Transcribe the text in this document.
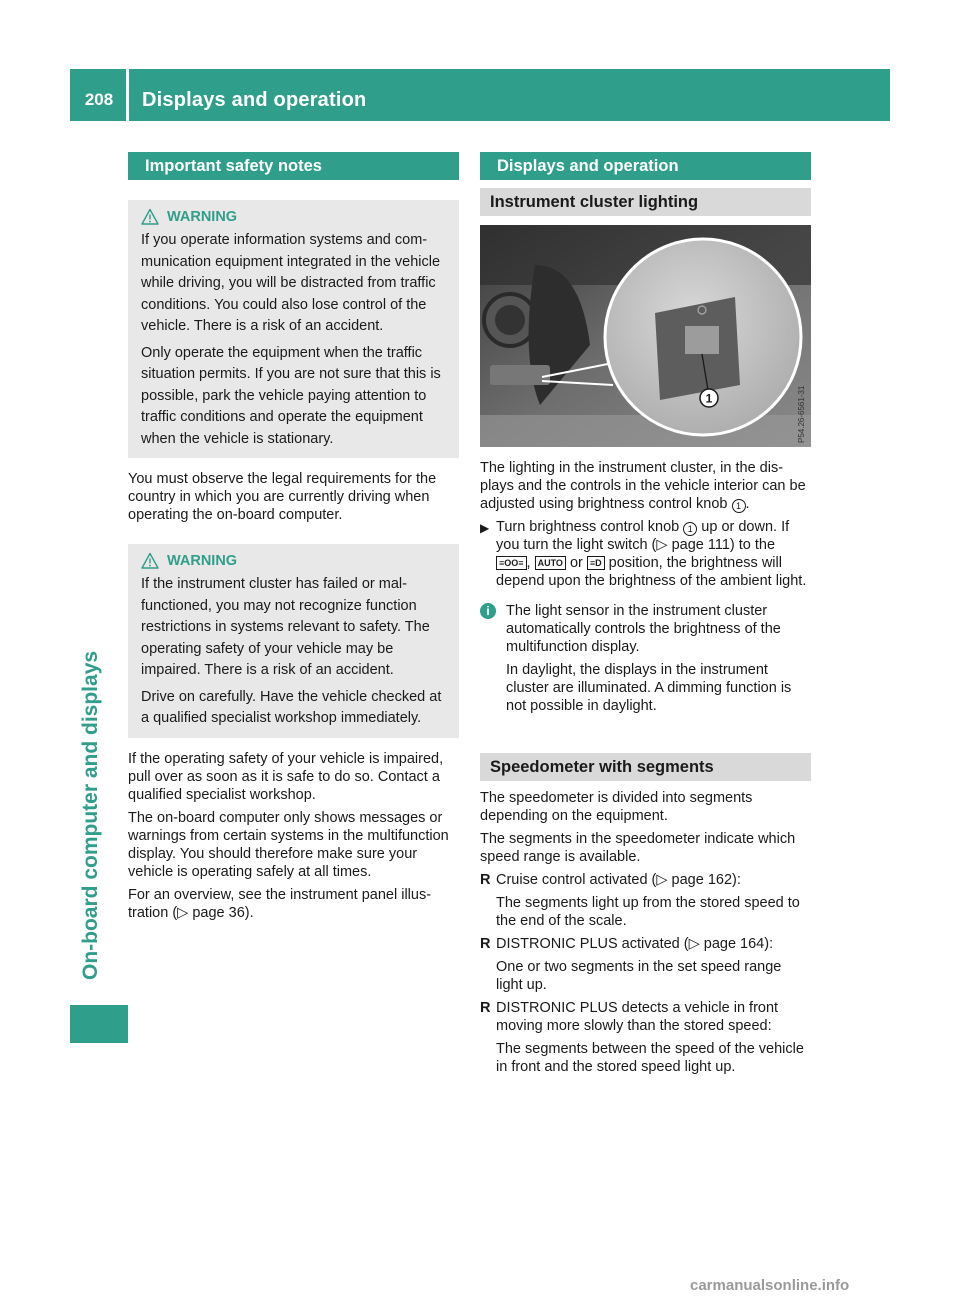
208	Displays and operation
On-board computer and displays
Important safety notes
WARNING

If you operate information systems and communication equipment integrated in the vehicle while driving, you will be distracted from traffic conditions. You could also lose control of the vehicle. There is a risk of an accident.

Only operate the equipment when the traffic situation permits. If you are not sure that this is possible, park the vehicle paying attention to traffic conditions and operate the equipment when the vehicle is stationary.

You must observe the legal requirements for the country in which you are currently driving when operating the on-board computer.

WARNING

If the instrument cluster has failed or malfunctioned, you may not recognize function restrictions in systems relevant to safety. The operating safety of your vehicle may be impaired. There is a risk of an accident.

Drive on carefully. Have the vehicle checked at a qualified specialist workshop immediately.

If the operating safety of your vehicle is impaired, pull over as soon as it is safe to do so. Contact a qualified specialist workshop.

The on-board computer only shows messages or warnings from certain systems in the multifunction display. You should therefore make sure your vehicle is operating safely at all times.

For an overview, see the instrument panel illustration (▷ page 36).

Displays and operation
Instrument cluster lighting
1	P54.26-6561-31

The lighting in the instrument cluster, in the displays and the controls in the vehicle interior can be adjusted using brightness control knob 1 .

▶ Turn brightness control knob 1 up or down. If you turn the light switch (▷ page 111) to the
≡OO≡ , AUTO or ≡D position, the brightness will depend upon the brightness of the ambient light.
i	The light sensor in the instrument cluster automatically controls the brightness of the multifunction display.

In daylight, the displays in the instrument cluster are illuminated. A dimming function is not possible in daylight.

Speedometer with segments

The speedometer is divided into segments depending on the equipment.

The segments in the speedometer indicate which speed range is available.

R Cruise control activated (▷ page 162):

The segments light up from the stored speed to the end of the scale.

R DISTRONIC PLUS activated (▷ page 164):

One or two segments in the set speed range light up.

R DISTRONIC PLUS detects a vehicle in front moving more slowly than the stored speed:

The segments between the speed of the vehicle in front and the stored speed light up.

carmanualsonline.info
